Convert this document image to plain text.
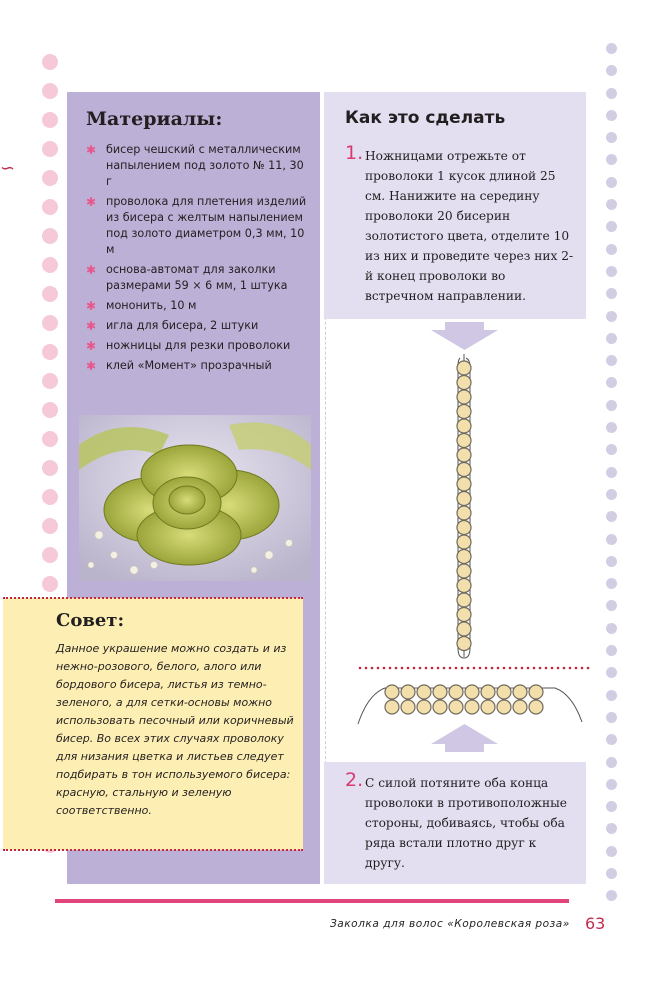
∽
Материалы:
✱ бисер чешский с металлическим напылением под золото № 11, 30 г
✱ проволока для плетения изделий из бисера с желтым напылением под золото диаметром 0,3 мм, 10 м
✱ основа-автомат для заколки размерами 59 × 6 мм, 1 штука
✱ мононить, 10 м
✱ игла для бисера, 2 штуки
✱ ножницы для резки проволоки
✱ клей «Момент» прозрачный
Совет:

Данное украшение можно создать и из нежно-розового, белого, алого или бордового бисера, листья из темно-зеленого, а для сетки-основы можно использовать песочный или коричневый бисер. Во всех этих случаях проволоку для низания цветка и листьев следует подбирать в тон используемого бисера: красную, стальную и зеленую соответственно.

Как это сделать
1. Ножницами отрежьте от проволоки 1 кусок длиной 25 см. Нанижите на середину проволоки 20 бисерин золотистого цвета, отделите 10 из них и проведите через них 2-й конец проволоки во встречном направлении.

2. С силой потяните оба конца проволоки в противоположные стороны, добиваясь, чтобы оба ряда встали плотно друг к другу.

Заколка для волос «Королевская роза» 63
